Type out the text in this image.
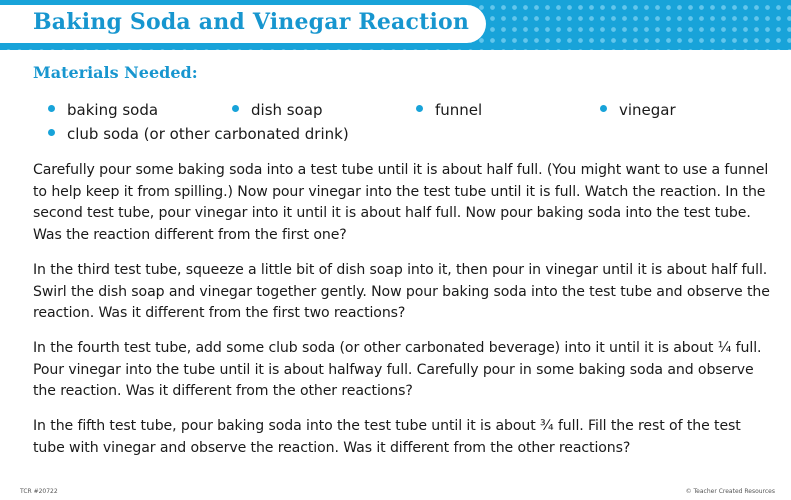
Baking Soda and Vinegar Reaction
Materials Needed:
baking soda	dish soap	funnel	vinegar
club soda (or other carbonated drink)
Carefully pour some baking soda into a test tube until it is about half full. (You might want to use a funnel to help keep it from spilling.) Now pour vinegar into the test tube until it is full. Watch the reaction. In the second test tube, pour vinegar into it until it is about half full. Now pour baking soda into the test tube. Was the reaction different from the first one?
In the third test tube, squeeze a little bit of dish soap into it, then pour in vinegar until it is about half full. Swirl the dish soap and vinegar together gently. Now pour baking soda into the test tube and observe the reaction. Was it different from the first two reactions?
In the fourth test tube, add some club soda (or other carbonated beverage) into it until it is about ¼ full. Pour vinegar into the tube until it is about halfway full. Carefully pour in some baking soda and observe the reaction. Was it different from the other reactions?
In the fifth test tube, pour baking soda into the test tube until it is about ¾ full. Fill the rest of the test tube with vinegar and observe the reaction. Was it different from the other reactions?
TCR #20722	© Teacher Created Resources
